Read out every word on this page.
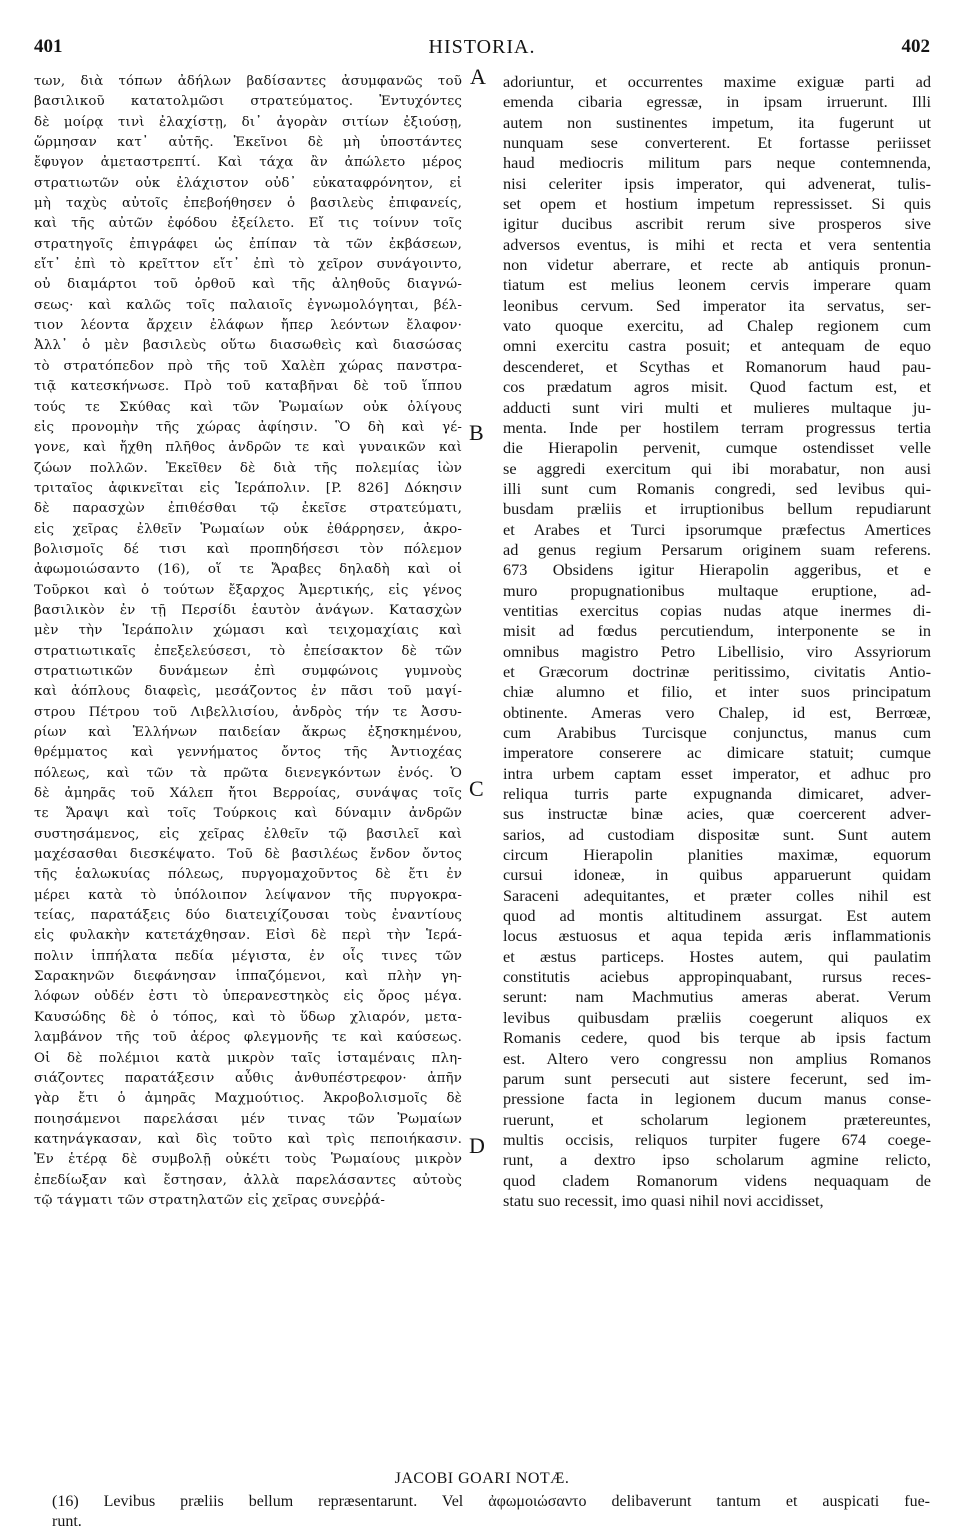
401	HISTORIA.	402
των, διὰ τόπων ἀδήλων βαδίσαντες ἀσυμφανῶς τοῦ
βασιλικοῦ κατατολμῶσι στρατεύματος. Ἐντυχόντες
δὲ μοίρᾳ τινὶ ἐλαχίστῃ, δι᾽ ἀγορὰν σιτίων ἐξιούσῃ,
ὥρμησαν κατ᾽ αὐτῆς. Ἐκεῖνοι δὲ μὴ ὑποστάντες
ἔφυγον ἀμεταστρεπτί. Καὶ τάχα ἂν ἀπώλετο μέρος
στρατιωτῶν οὐκ ἐλάχιστον οὐδ᾽ εὐκαταφρόνητον, εἰ
μὴ ταχὺς αὐτοῖς ἐπεβοήθησεν ὁ βασιλεὺς ἐπιφανείς,
καὶ τῆς αὐτῶν ἐφόδου ἐξείλετο. Εἴ τις τοίνυν τοῖς
στρατηγοῖς ἐπιγράφει ὡς ἐπίπαν τὰ τῶν ἐκβάσεων,
εἴτ᾽ ἐπὶ τὸ κρεῖττον εἴτ᾽ ἐπὶ τὸ χεῖρον συνάγοιντο,
οὐ διαμάρτοι τοῦ ὀρθοῦ καὶ τῆς ἀληθοῦς διαγνώ-
σεως· καὶ καλῶς τοῖς παλαιοῖς ἐγνωμολόγηται, βέλ-
τιον λέοντα ἄρχειν ἐλάφων ἤπερ λεόντων ἔλαφον·
Ἀλλ᾽ ὁ μὲν βασιλεὺς οὕτω διασωθεὶς καὶ διασώσας
τὸ στρατόπεδον πρὸ τῆς τοῦ Χαλὲπ χώρας πανστρα-
τιᾷ κατεσκήνωσε. Πρὸ τοῦ καταβῆναι δὲ τοῦ ἵππου
τούς τε Σκύθας καὶ τῶν Ῥωμαίων οὐκ ὀλίγους
εἰς προνομὴν τῆς χώρας ἀφίησιν. Ὃ δὴ καὶ γέ-
γονε, καὶ ἤχθη πλῆθος ἀνδρῶν τε καὶ γυναικῶν καὶ
ζώων πολλῶν. Ἐκεῖθεν δὲ διὰ τῆς πολεμίας ἰὼν
τριταῖος ἀφικνεῖται εἰς Ἱεράπολιν. [P. 826] Δόκησιν
δὲ παρασχὼν ἐπιθέσθαι τῷ ἐκεῖσε στρατεύματι,
εἰς χεῖρας ἐλθεῖν Ῥωμαίων οὐκ ἐθάρρησεν, ἀκρο-
βολισμοῖς δέ τισι καὶ προπηδήσεσι τὸν πόλεμον
ἀφωμοιώσαντο (16), οἵ τε Ἄραβες δηλαδὴ καὶ οἱ
Τοῦρκοι καὶ ὁ τούτων ἔξαρχος Ἀμερτικής, εἰς γένος
βασιλικὸν ἐν τῇ Περσίδι ἑαυτὸν ἀνάγων. Κατασχὼν
μὲν τὴν Ἱεράπολιν χώμασι καὶ τειχομαχίαις καὶ
στρατιωτικαῖς ἐπεξελεύσεσι, τὸ ἐπείσακτον δὲ τῶν
στρατιωτικῶν δυνάμεων ἐπὶ συμφώνοις γυμνοὺς
καὶ ἀόπλους διαφεὶς, μεσάζοντος ἐν πᾶσι τοῦ μαγί-
στρου Πέτρου τοῦ Λιβελλισίου, ἀνδρὸς τήν τε Ἀσσυ-
ρίων καὶ Ἑλλήνων παιδείαν ἄκρως ἐξησκημένου,
θρέμματος καὶ γεννήματος ὄντος τῆς Ἀντιοχέας
πόλεως, καὶ τῶν τὰ πρῶτα διενεγκόντων ἐνός. Ὁ
δὲ ἀμηρᾶς τοῦ Χάλεπ ἤτοι Βερροίας, συνάψας τοῖς
τε Ἄραψι καὶ τοῖς Τούρκοις καὶ δύναμιν ἀνδρῶν
συστησάμενος, εἰς χεῖρας ἐλθεῖν τῷ βασιλεῖ καὶ
μαχέσασθαι διεσκέψατο. Τοῦ δὲ βασιλέως ἔνδον ὄντος
τῆς ἑαλωκυίας πόλεως, πυργομαχοῦντος δὲ ἔτι ἐν
μέρει κατὰ τὸ ὑπόλοιπον λείψανον τῆς πυργοκρα-
τείας, παρατάξεις δύο διατειχίζουσαι τοὺς ἐναντίους
εἰς φυλακὴν κατετάχθησαν. Εἰσὶ δὲ περὶ τὴν Ἱερά-
πολιν ἱππήλατα πεδία μέγιστα, ἐν οἷς τινες τῶν
Σαρακηνῶν διεφάνησαν ἱππαζόμενοι, καὶ πλὴν γη-
λόφων οὐδέν ἐστι τὸ ὑπερανεστηκὸς εἰς ὄρος μέγα.
Καυσώδης δὲ ὁ τόπος, καὶ τὸ ὕδωρ χλιαρόν, μετα-
λαμβάνον τῆς τοῦ ἀέρος φλεγμονῆς τε καὶ καύσεως.
Οἱ δὲ πολέμιοι κατὰ μικρὸν ταῖς ἱσταμέναις πλη-
σιάζοντες παρατάξεσιν αὖθις ἀνθυπέστρεφον· ἀπῆν
γὰρ ἔτι ὁ ἀμηρᾶς Μαχμούτιος. Ἀκροβολισμοῖς δὲ
ποιησάμενοι παρελάσαι μέν τινας τῶν Ῥωμαίων
κατηνάγκασαν, καὶ δὶς τοῦτο καὶ τρὶς πεποιήκασιν.
Ἐν ἑτέρᾳ δὲ συμβολῇ οὐκέτι τοὺς Ῥωμαίους μικρὸν
ἐπεδίωξαν καὶ ἔστησαν, ἀλλὰ παρελάσαντες αὐτοὺς
τῷ τάγματι τῶν στρατηλατῶν εἰς χεῖρας συνεῤῥά-
adoriuntur, et occurrentes maxime exiguæ parti ad
emenda cibaria egressæ, in ipsam irruerunt. Illi
autem non sustinentes impetum, ita fugerunt ut
nunquam sese converterent. Et fortasse periisset
haud mediocris militum pars neque contemnenda,
nisi celeriter ipsis imperator, qui advenerat, tulis-
set opem et hostium impetum repressisset. Si quis
igitur ducibus ascribit rerum sive prosperos sive
adversos eventus, is mihi et recta et vera sententia
non videtur aberrare, et recte ab antiquis pronun-
tiatum est melius leonem cervis imperare quam
leonibus cervum. Sed imperator ita servatus, ser-
vato quoque exercitu, ad Chalep regionem cum
omni exercitu castra posuit; et antequam de equo
descenderet, et Scythas et Romanorum haud pau-
cos prædatum agros misit. Quod factum est, et
adducti sunt viri multi et mulieres multaque ju-
menta. Inde per hostilem terram progressus tertia
die Hierapolin pervenit, cumque ostendisset velle
se aggredi exercitum qui ibi morabatur, non ausi
illi sunt cum Romanis congredi, sed levibus qui-
busdam præliis et irruptionibus bellum repudiarunt
et Arabes et Turci ipsorumque præfectus Amertices
ad genus regium Persarum originem suam referens.
673 Obsidens igitur Hierapolin aggeribus, et e
muro propugnationibus multaque eruptione, ad-
ventitias exercitus copias nudas atque inermes di-
misit ad fœdus percutiendum, interponente se in
omnibus magistro Petro Libellisio, viro Assyriorum
et Græcorum doctrinæ peritissimo, civitatis Antio-
chiæ alumno et filio, et inter suos principatum
obtinente. Ameras vero Chalep, id est, Berrœæ,
cum Arabibus Turcisque conjunctus, manus cum
imperatore conserere ac dimicare statuit; cumque
intra urbem captam esset imperator, et adhuc pro
reliqua turris parte expugnanda dimicaret, adver-
sus instructæ binæ acies, quæ coercerent adver-
sarios, ad custodiam dispositæ sunt. Sunt autem
circum Hierapolin planities maximæ, equorum
cursui idoneæ, in quibus apparuerunt quidam
Saraceni adequitantes, et præter colles nihil est
quod ad montis altitudinem assurgat. Est autem
locus æstuosus et aqua tepida æris inflammationis
et æstus particeps. Hostes autem, qui paulatim
constitutis aciebus appropinquabant, rursus reces-
serunt: nam Machmutius ameras aberat. Verum
levibus quibusdam præliis coegerunt aliquos ex
Romanis cedere, quod bis terque ab ipsis factum
est. Altero vero congressu non amplius Romanos
parum sunt persecuti aut sistere fecerunt, sed im-
pressione facta in legionem ducum manus conse-
ruerunt, et scholarum legionem prætereuntes,
multis occisis, reliquos turpiter fugere 674 coege-
runt, a dextro ipso scholarum agmine relicto,
quod cladem Romanorum videns nequaquam de
statu suo recessit, imo quasi nihil novi accidisset,
A
B
C
D
JACOBI GOARI NOTÆ.
(16) Levibus præliis bellum repræsentarunt. Vel ἀφωμοιώσαντο delibaverunt tantum et auspicati fue-
runt.
